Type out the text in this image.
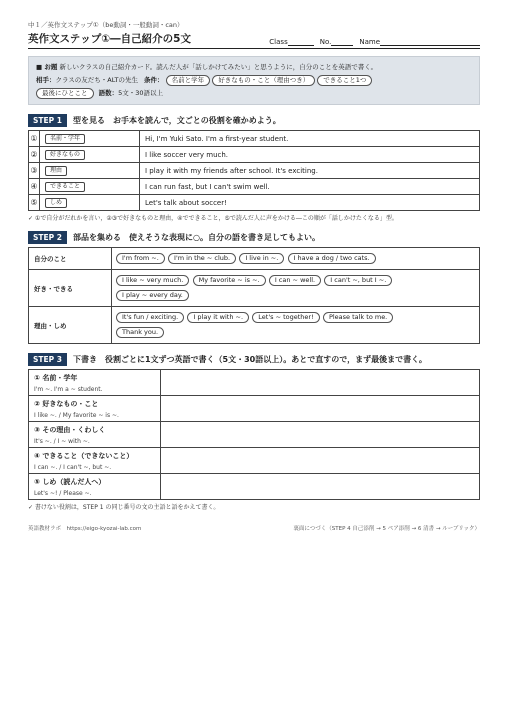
中１／英作文ステップ①（be動詞・一般動詞・can）
英作文ステップ①―自己紹介の5文	Class	No.	Name
■ お題 新しいクラスの自己紹介カード。読んだ人が「話しかけてみたい」と思うように，自分のことを英語で書く。
相手：クラスの友だち・ALTの先生 条件： 名前と学年 好きなもの・こと（理由つき） できること1つ
最後にひとこと 語数：5文・30語以上
STEP 1	型を見る　お手本を読んで，文ごとの役割を確かめよう。
①	名前・学年	Hi, I'm Yuki Sato. I'm a first-year student.
②	好きなもの	I like soccer very much.
③	理由	I play it with my friends after school. It's exciting.
④	できること	I can run fast, but I can't swim well.
⑤	しめ	Let's talk about soccer!
✓ ①で自分がだれかを言い，②③で好きなものと理由，④でできること，⑤で読んだ人に声をかける―この順が「話しかけたくなる」型。
STEP 2	部品を集める　使えそうな表現に○。自分の語を書き足してもよい。
自分のこと	I'm from ~. I'm in the ~ club. I live in ~. I have a dog / two cats.
好き・できる	I like ~ very much. My favorite ~ is ~. I can ~ well. I can't ~, but I ~.
I play ~ every day.
理由・しめ	It's fun / exciting. I play it with ~. Let's ~ together! Please talk to me.
Thank you.
STEP 3	下書き　役割ごとに1文ずつ英語で書く（5文・30語以上）。あとで直すので，まず最後まで書く。
① 名前・学年
I'm ~. I'm a ~ student.	

② 好きなもの・こと
I like ~. / My favorite ~ is ~.	

③ その理由・くわしく
It's ~. / I ~ with ~.	

④ できること（できないこと）
I can ~. / I can't ~, but ~.	

⑤ しめ（読んだ人へ）
Let's ~! / Please ~.	

✓ 書けない役割は，STEP 1 の同じ番号の文の主語と語をかえて書く。
英語教材ラボ　https://eigo-kyozai-lab.com	裏面につづく（STEP 4 自己添削 → 5 ペア添削 → 6 清書 → ルーブリック）
